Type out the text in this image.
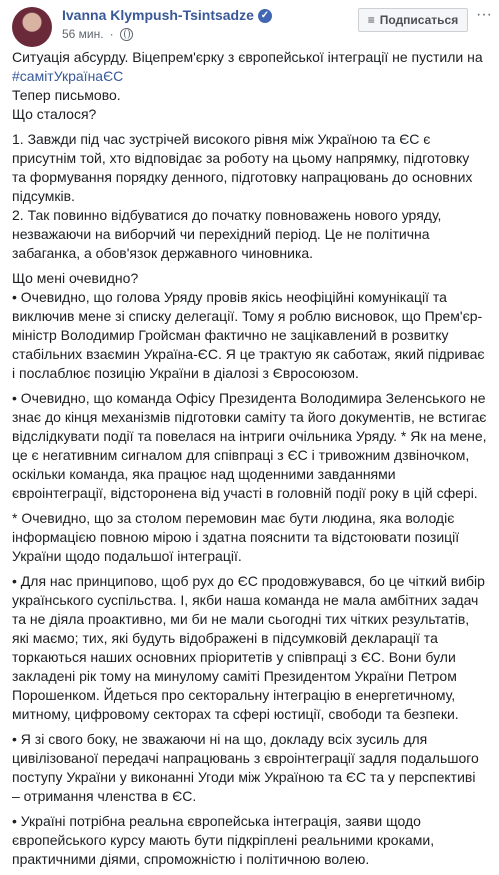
Ivanna Klympush-Tsintsadze ✓
56 мин. ·
≡ Подписаться ···

Ситуація абсурду. Віцепрем'єрку з європейської інтеграції не пустили на
#самітУкраїнаЄС
Тепер письмово.
Що сталося?

1. Завжди під час зустрічей високого рівня між Україною та ЄС є присутнім той, хто відповідає за роботу на цьому напрямку, підготовку та формування порядку денного, підготовку напрацювань до основних підсумків.

2. Так повинно відбуватися до початку повноважень нового уряду, незважаючи на виборчий чи перехідний період. Це не політична забаганка, а обов'язок державного чиновника.

Що мені очевидно?

• Очевидно, що голова Уряду провів якісь неофіційні комунікації та виключив мене зі списку делегації. Тому я роблю висновок, що Прем'єр-міністр Володимир Гройсман фактично не зацікавлений в розвитку стабільних взаємин Україна-ЄС. Я це трактую як саботаж, який підриває і послаблює позицію України в діалозі з Євросоюзом.

• Очевидно, що команда Офісу Президента Володимира Зеленського не знає до кінця механізмів підготовки саміту та його документів, не встигає відслідкувати події та повелася на інтриги очільника Уряду. * Як на мене, це є негативним сигналом для співпраці з ЄС і тривожним дзвіночком, оскільки команда, яка працює над щоденними завданнями євроінтеграції, відсторонена від участі в головній події року в цій сфері.

* Очевидно, що за столом перемовин має бути людина, яка володіє інформацією повною мірою і здатна пояснити та відстоювати позиції України щодо подальшої інтеграції.

• Для нас принципово, щоб рух до ЄС продовжувався, бо це чіткий вибір українського суспільства. І, якби наша команда не мала амбітних задач та не діяла проактивно, ми би не мали сьогодні тих чітких результатів, які маємо; тих, які будуть відображені в підсумковій декларації та торкаються наших основних пріоритетів у співпраці з ЄС. Вони були закладені рік тому на минулому саміті Президентом України Петром Порошенком. Йдеться про секторальну інтеграцію в енергетичному, митному, цифровому секторах та сфері юстиції, свободи та безпеки.

• Я зі свого боку, не зважаючи ні на що, докладу всіх зусиль для цивілізованої передачі напрацювань з євроінтеграції задля подальшого поступу України у виконанні Угоди між Україною та ЄС та у перспективі – отримання членства в ЄС.

• Україні потрібна реальна європейська інтеграція, заяви щодо європейського курсу мають бути підкріплені реальними кроками, практичними діями, спроможністю і політичною волею.
